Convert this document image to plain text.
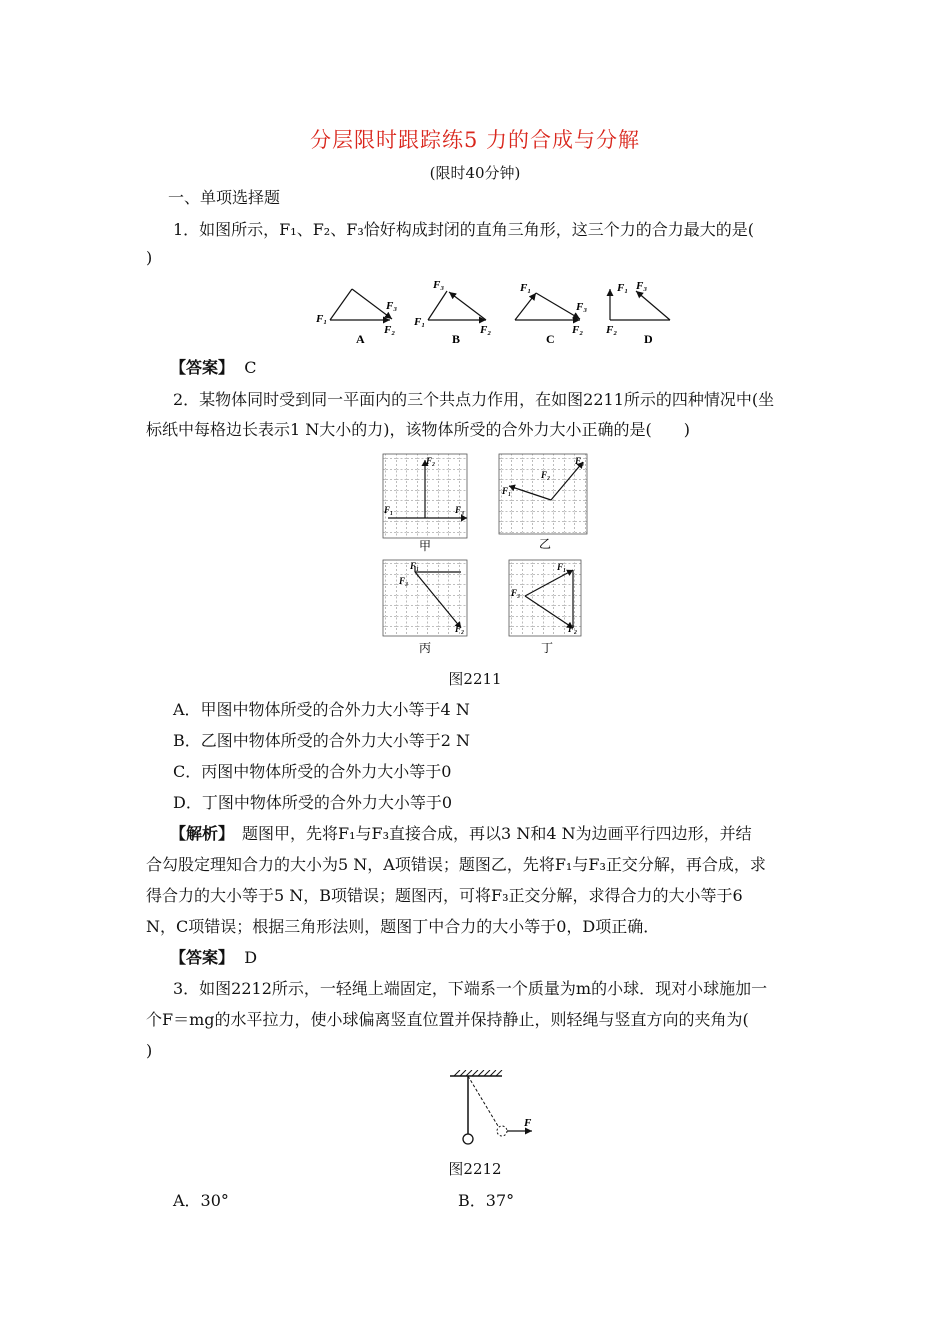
分层限时跟踪练5 力的合成与分解
(限时40分钟)
一、单项选择题
1．如图所示，F₁、F₂、F₃恰好构成封闭的直角三角形，这三个力的合力最大的是(
)
F₁
F₃
F₂
A
F₁
F₃
F₂
B
F₁
F₃
F₂
C
F₁ F₃
F₂
D
【答案】 C
2．某物体同时受到同一平面内的三个共点力作用，在如图2211所示的四种情况中(坐
标纸中每格边长表示1 N大小的力)，该物体所受的合外力大小正确的是(　　)
F₂
F₁	F₃
甲
F₁
F₂
F₃
乙
F₁
F₃
F₂
丙
F₁
F₃
F₂
丁
图2211
A．甲图中物体所受的合外力大小等于4 N
B．乙图中物体所受的合外力大小等于2 N
C．丙图中物体所受的合外力大小等于0
D．丁图中物体所受的合外力大小等于0
【解析】　题图甲，先将F₁与F₃直接合成，再以3 N和4 N为边画平行四边形，并结
合勾股定理知合力的大小为5 N，A项错误；题图乙，先将F₁与F₃正交分解，再合成，求
得合力的大小等于5 N，B项错误；题图丙，可将F₃正交分解，求得合力的大小等于6
N，C项错误；根据三角形法则，题图丁中合力的大小等于0，D项正确．
【答案】 D
3．如图2212所示，一轻绳上端固定，下端系一个质量为m的小球．现对小球施加一
个F＝mg的水平拉力，使小球偏离竖直位置并保持静止，则轻绳与竖直方向的夹角为(
)
F
图2212
A．30°	B．37°
